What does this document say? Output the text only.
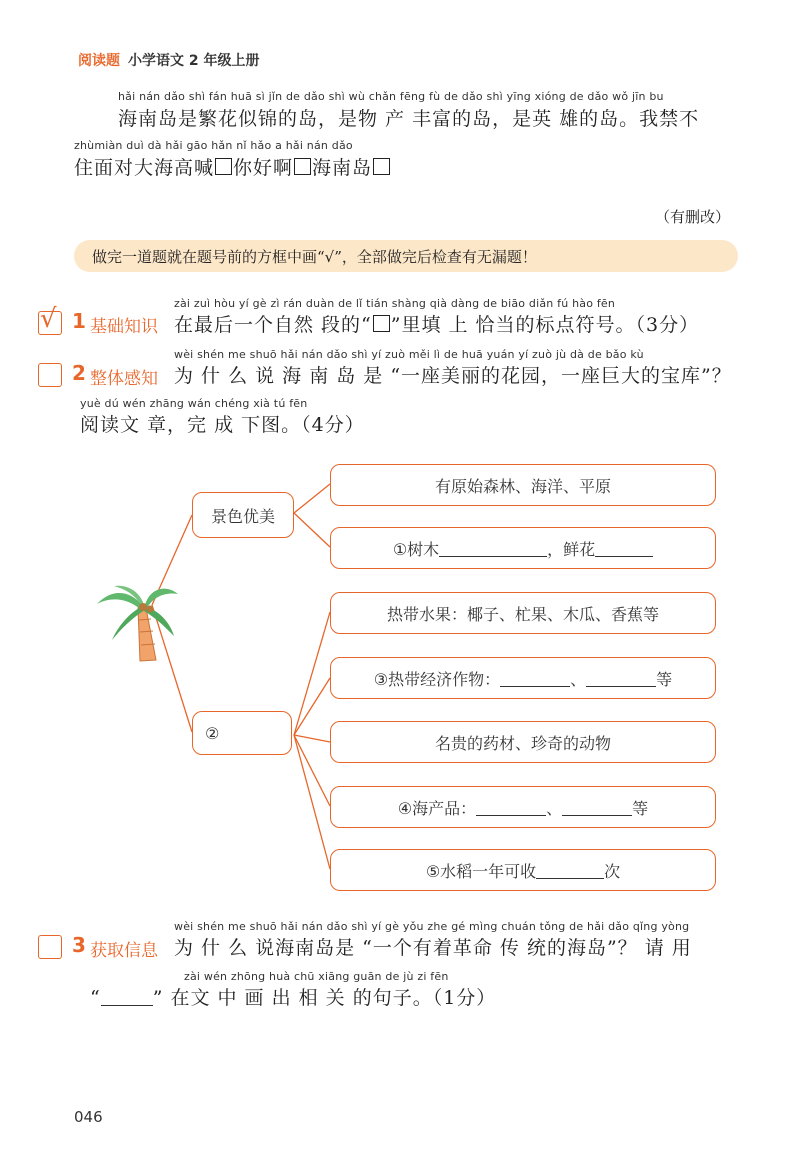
阅读题 小学语文 2 年级上册
hǎi nán dǎo shì fán huā sì jǐn de dǎo shì wù chǎn fēng fù de dǎo shì yīng xióng de dǎo wǒ jīn bu
海南岛是繁花似锦的岛，是物 产 丰富的岛，是英 雄的岛。我禁不
zhùmiàn duì dà hǎi gāo hǎn nǐ hǎo a hǎi nán dǎo
住面对大海高喊 你好啊 海南岛
（有删改）
做完一道题就在题号前的方框中画“√”，全部做完后检查有无漏题！
√ 1 基础知识
zài zuì hòu yí gè zì rán duàn de lǐ tián shàng qià dàng de biāo diǎn fú hào fēn
在最后一个自然 段的“ ”里填 上 恰当的标点符号。（3分）
2 整体感知
wèi shén me shuō hǎi nán dǎo shì yí zuò měi lì de huā yuán yí zuò jù dà de bǎo kù
为 什 么 说 海 南 岛 是 “一座美丽的花园，一座巨大的宝库”？
yuè dú wén zhāng wán chéng xià tú fēn
阅读文 章，完 成 下图。（4分）
景色优美
②
有原始森林、海洋、平原
①树木	，鲜花
热带水果：椰子、杧果、木瓜、香蕉等
③热带经济作物：	、	等
名贵的药材、珍奇的动物
④海产品：	、	等
⑤水稻一年可收	次
3 获取信息
wèi shén me shuō hǎi nán dǎo shì yí gè yǒu zhe gé mìng chuán tǒng de hǎi dǎo qǐng yòng
为 什 么 说海南岛是 “一个有着革命 传 统的海岛”？ 请 用
zài wén zhōng huà chū xiāng guān de jù zi fēn
“	” 在文 中 画 出 相 关 的句子。（1分）
046
